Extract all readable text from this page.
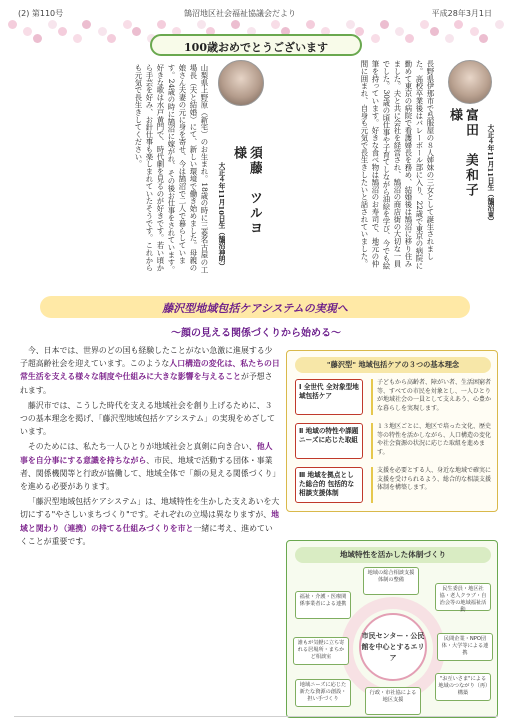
(2) 第110号	鵠沼地区社会福祉協議会だより	平成28年3月1日
100歳おめでとうございます
富田　美和子様
大正４年11月11日生（鵠沼東）
長野県伊那市で呉服屋の８人姉妹の三女として誕生されました。高校卒業後はバレーボール部に入り、22歳で東京の病院に勤めて東京の病院で看護婦長を務め、結婚後は鵠沼に移り住みました。夫と共に会社を経営され、鵠沼の商店街の大切な一員でした。30歳の頃仕事や子育てしながら油絵を学び、今でも絵筆を持っています。好きな食べ物は鵠沼のお寿司で、地元の仲間に囲まれ、自身も元気で長生きしたいと話されていました。
須藤　ツルヨ様
大正４年11月10日生（鵠沼神明）
山梨県上野原（新宅）のお生まれ。18歳の時に三菱名古屋の工場長（夫と結婚）にて、新しい環境で働き始めました。母親の娘さん夫妻の元に身を寄せ、今は鵠沼で二人で暮らしています。24歳の時に鵠沼に嫁がれ、その後お仕事をされています。好きな歌は水戸黄門で、時代劇を見るのが好きです。若い頃から手芸を好み、お針仕事も楽しまれていたそうです。これからも元気で長生きしてください。
藤沢型地域包括ケアシステムの実現へ
～顔の見える関係づくりから始める～

今、日本では、世界のどの国も経験したことがない急激に進展する少子超高齢社会を迎えています。このような人口構造の変化は、私たちの日常生活を支える様々な制度や仕組みに大きな影響を与えることが予想されます。

藤沢市では、こうした時代を支える地域社会を創り上げるために、３つの基本理念を掲げ、「藤沢型地域包括ケアシステム」の実現をめざしています。

そのためには、私たち一人ひとりが地域社会と真剣に向き合い、他人事を自分事にする意識を持ちながら、市民、地域で活動する団体・事業者、関係機関等と行政が協働して、地域全体で「顔の見える関係づくり」を進める必要があります。

「藤沢型地域包括ケアシステム」は、地域特性を生かした支えあいを大切にする"やさしいまちづくり"です。それぞれの立場は異なりますが、地域と関わり（連携）の持てる仕組みづくりを市と一緒に考え、進めていくことが重要です。

"藤沢型" 地域包括ケアの３つの基本理念
Ⅰ 全世代 全対象型地域包括ケア
子どもから高齢者、障がい者、生活困窮者等、すべての市民を対象とし、一人ひとりが地域社会の一員として支えあう、心豊かな暮らしを実現します。
Ⅱ 地域の特性や課題 ニーズに応じた取組
１３地区ごとに、地区で培った文化、歴史等の特性を活かしながら、人口構造の変化や社会資源の状況に応じた取組を進めます。
Ⅲ 地域を拠点とした総合的 包括的な相談支援体制
支援を必要とする人、身近な地域で確実に支援を受けられるよう、総合的な相談支援体制を構築します。
地域特性を活かした体制づくり
市民センター・公民館を中心とするエリア
地域の総合相談支援体制の整備
民生委員・地区社協・老人クラブ・自治会等の地域福祉活動
福祉・介護・医療関係事業者による連携
民間企業・NPO団体・大学等による連携
誰もが気軽に立ち寄れる居場所・まちかど相談室
"お互いさま"による地域のつながり（再）構築
地域ニーズに応じた新たな資源の創設・担い手づくり
行政・市社協による地区支援
